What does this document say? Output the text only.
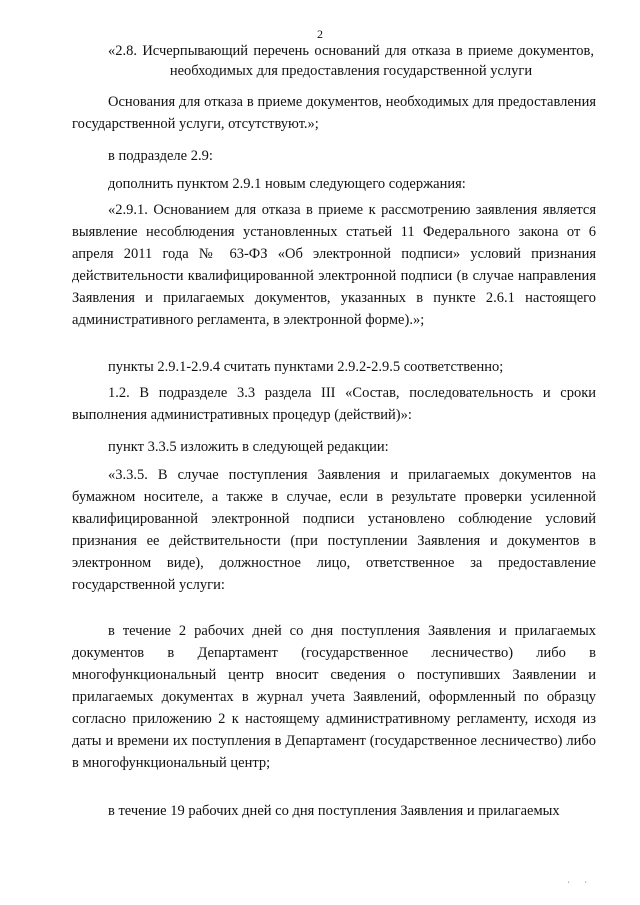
2
«2.8. Исчерпывающий перечень оснований для отказа в приеме документов, необходимых для предоставления государственной услуги

Основания для отказа в приеме документов, необходимых для предоставления государственной услуги, отсутствуют.»;

в подразделе 2.9:

дополнить пунктом 2.9.1 новым следующего содержания:

«2.9.1. Основанием для отказа в приеме к рассмотрению заявления является выявление несоблюдения установленных статьей 11 Федерального закона от 6 апреля 2011 года № 63-ФЗ «Об электронной подписи» условий признания действительности квалифицированной электронной подписи (в случае направления Заявления и прилагаемых документов, указанных в пункте 2.6.1 настоящего административного регламента, в электронной форме).»;

пункты 2.9.1-2.9.4 считать пунктами 2.9.2-2.9.5 соответственно;

1.2. В подразделе 3.3 раздела III «Состав, последовательность и сроки выполнения административных процедур (действий)»:

пункт 3.3.5 изложить в следующей редакции:

«3.3.5. В случае поступления Заявления и прилагаемых документов на бумажном носителе, а также в случае, если в результате проверки усиленной квалифицированной электронной подписи установлено соблюдение условий признания ее действительности (при поступлении Заявления и документов в электронном виде), должностное лицо, ответственное за предоставление государственной услуги:

в течение 2 рабочих дней со дня поступления Заявления и прилагаемых документов в Департамент (государственное лесничество) либо в многофункциональный центр вносит сведения о поступивших Заявлении и прилагаемых документах в журнал учета Заявлений, оформленный по образцу согласно приложению 2 к настоящему административному регламенту, исходя из даты и времени их поступления в Департамент (государственное лесничество) либо в многофункциональный центр;

в течение 19 рабочих дней со дня поступления Заявления и прилагаемых

, ,
